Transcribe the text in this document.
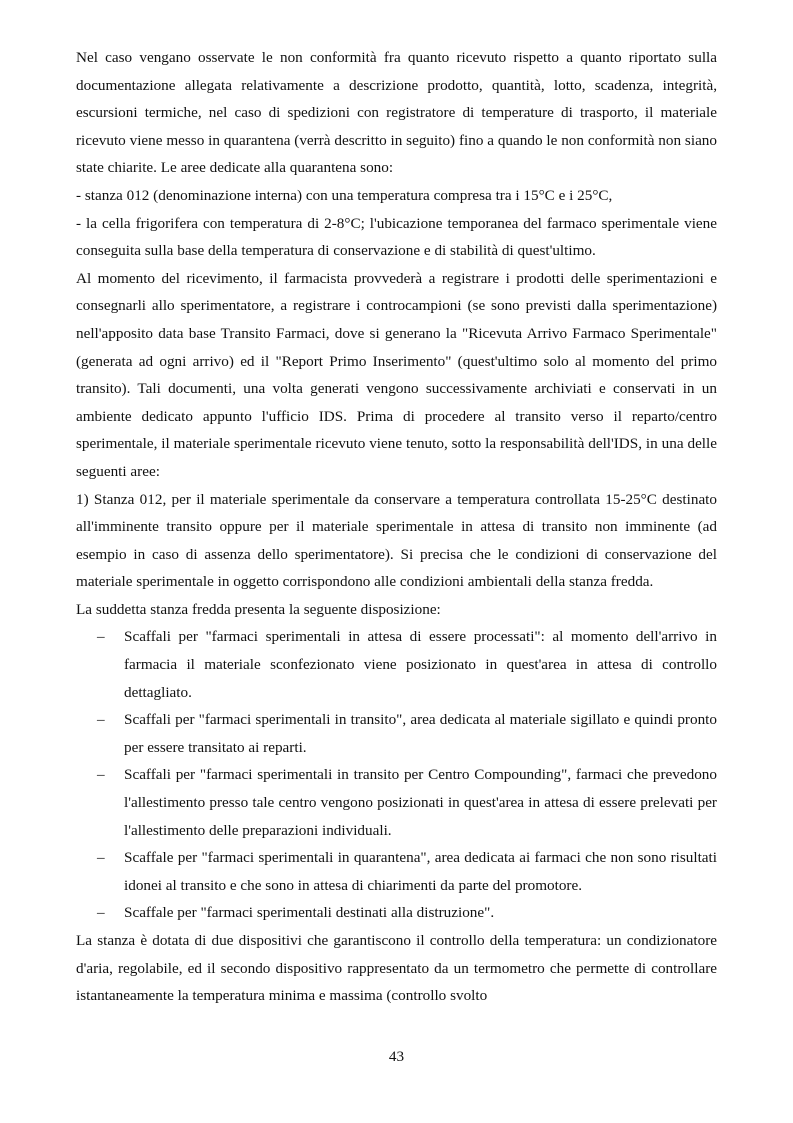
Nel caso vengano osservate le non conformità fra quanto ricevuto rispetto a quanto riportato sulla documentazione allegata relativamente a descrizione prodotto, quantità, lotto, scadenza, integrità, escursioni termiche, nel caso di spedizioni con registratore di temperature di trasporto, il materiale ricevuto viene messo in quarantena (verrà descritto in seguito) fino a quando le non conformità non siano state chiarite. Le aree dedicate alla quarantena sono:

- stanza 012 (denominazione interna) con una temperatura compresa tra i 15°C e i 25°C,

- la cella frigorifera con temperatura di 2-8°C; l'ubicazione temporanea del farmaco sperimentale viene conseguita sulla base della temperatura di conservazione e di stabilità di quest'ultimo.

Al momento del ricevimento, il farmacista provvederà a registrare i prodotti delle sperimentazioni e consegnarli allo sperimentatore, a registrare i controcampioni (se sono previsti dalla sperimentazione) nell'apposito data base Transito Farmaci, dove si generano la "Ricevuta Arrivo Farmaco Sperimentale" (generata ad ogni arrivo) ed il "Report Primo Inserimento" (quest'ultimo solo al momento del primo transito). Tali documenti, una volta generati vengono successivamente archiviati e conservati in un ambiente dedicato appunto l'ufficio IDS. Prima di procedere al transito verso il reparto/centro sperimentale, il materiale sperimentale ricevuto viene tenuto, sotto la responsabilità dell'IDS, in una delle seguenti aree:

1) Stanza 012, per il materiale sperimentale da conservare a temperatura controllata 15-25°C destinato all'imminente transito oppure per il materiale sperimentale in attesa di transito non imminente (ad esempio in caso di assenza dello sperimentatore). Si precisa che le condizioni di conservazione del materiale sperimentale in oggetto corrispondono alle condizioni ambientali della stanza fredda.

La suddetta stanza fredda presenta la seguente disposizione:

– Scaffali per "farmaci sperimentali in attesa di essere processati": al momento dell'arrivo in farmacia il materiale sconfezionato viene posizionato in quest'area in attesa di controllo dettagliato.
– Scaffali per "farmaci sperimentali in transito", area dedicata al materiale sigillato e quindi pronto per essere transitato ai reparti.
– Scaffali per "farmaci sperimentali in transito per Centro Compounding", farmaci che prevedono l'allestimento presso tale centro vengono posizionati in quest'area in attesa di essere prelevati per l'allestimento delle preparazioni individuali.
– Scaffale per "farmaci sperimentali in quarantena", area dedicata ai farmaci che non sono risultati idonei al transito e che sono in attesa di chiarimenti da parte del promotore.
– Scaffale per "farmaci sperimentali destinati alla distruzione".

La stanza è dotata di due dispositivi che garantiscono il controllo della temperatura: un condizionatore d'aria, regolabile, ed il secondo dispositivo rappresentato da un termometro che permette di controllare istantaneamente la temperatura minima e massima (controllo svolto

43
